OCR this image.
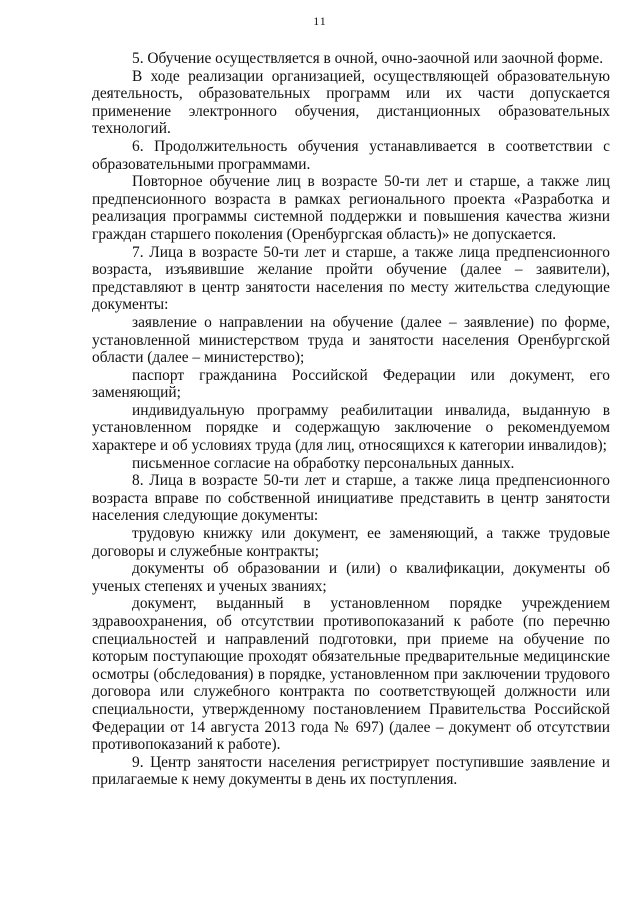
11

5. Обучение осуществляется в очной, очно-заочной или заочной форме.

В ходе реализации организацией, осуществляющей образовательную деятельность, образовательных программ или их части допускается применение электронного обучения, дистанционных образовательных технологий.

6. Продолжительность обучения устанавливается в соответствии с образовательными программами.

Повторное обучение лиц в возрасте 50-ти лет и старше, а также лиц предпенсионного возраста в рамках регионального проекта «Разработка и реализация программы системной поддержки и повышения качества жизни граждан старшего поколения (Оренбургская область)» не допускается.

7. Лица в возрасте 50-ти лет и старше, а также лица предпенсионного возраста, изъявившие желание пройти обучение (далее – заявители), представляют в центр занятости населения по месту жительства следующие документы:

заявление о направлении на обучение (далее – заявление) по форме, установленной министерством труда и занятости населения Оренбургской области (далее – министерство);

паспорт гражданина Российской Федерации или документ, его заменяющий;

индивидуальную программу реабилитации инвалида, выданную в установленном порядке и содержащую заключение о рекомендуемом характере и об условиях труда (для лиц, относящихся к категории инвалидов);

письменное согласие на обработку персональных данных.

8. Лица в возрасте 50-ти лет и старше, а также лица предпенсионного возраста вправе по собственной инициативе представить в центр занятости населения следующие документы:

трудовую книжку или документ, ее заменяющий, а также трудовые договоры и служебные контракты;

документы об образовании и (или) о квалификации, документы об ученых степенях и ученых званиях;

документ, выданный в установленном порядке учреждением здравоохранения, об отсутствии противопоказаний к работе (по перечню специальностей и направлений подготовки, при приеме на обучение по которым поступающие проходят обязательные предварительные медицинские осмотры (обследования) в порядке, установленном при заключении трудового договора или служебного контракта по соответствующей должности или специальности, утвержденному постановлением Правительства Российской Федерации от 14 августа 2013 года № 697) (далее – документ об отсутствии противопоказаний к работе).

9. Центр занятости населения регистрирует поступившие заявление и прилагаемые к нему документы в день их поступления.
